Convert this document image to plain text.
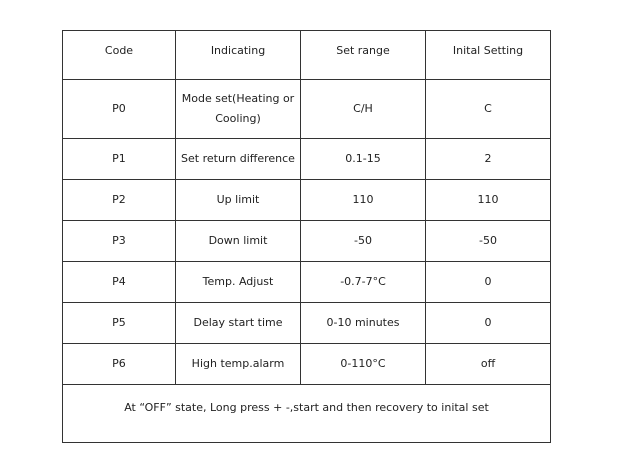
Code	Indicating	Set range	Inital Setting
P0	Mode set(Heating or Cooling)	C/H	C
P1	Set return difference	0.1-15	2
P2	Up limit	110	110
P3	Down limit	-50	-50
P4	Temp. Adjust	-0.7-7°C	0
P5	Delay start time	0-10 minutes	0
P6	High temp.alarm	0-110°C	off
At “OFF” state, Long press + -,start and then recovery to inital set			
